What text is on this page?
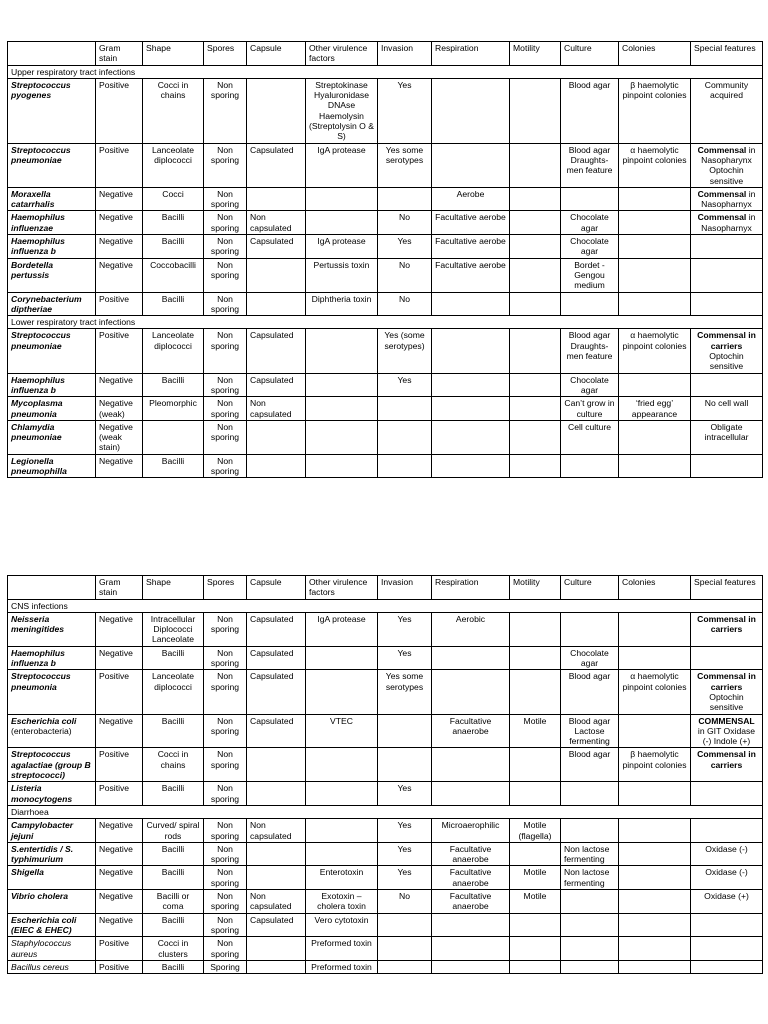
	Gram stain	Shape	Spores	Capsule	Other virulence factors	Invasion	Respiration	Motility	Culture	Colonies	Special features
Upper respiratory tract infections											
Streptococcus pyogenes	Positive	Cocci in chains	Non sporing		Streptokinase Hyaluronidase DNAse Haemolysin (Streptolysin O & S)	Yes			Blood agar	β haemolytic pinpoint colonies	Community acquired
Streptococcus pneumoniae	Positive	Lanceolate diplococci	Non sporing	Capsulated	IgA protease	Yes some serotypes			Blood agar Draughts-men feature	α haemolytic pinpoint colonies	Commensal in Nasopharynx Optochin sensitive
Moraxella catarrhalis	Negative	Cocci	Non sporing				Aerobe				Commensal in Nasopharnyx
Haemophilus influenzae	Negative	Bacilli	Non sporing	Non capsulated		No	Facultative aerobe		Chocolate agar		Commensal in Nasopharnyx
Haemophilus influenza b	Negative	Bacilli	Non sporing	Capsulated	IgA protease	Yes	Facultative aerobe		Chocolate agar		
Bordetella pertussis	Negative	Coccobacilli	Non sporing		Pertussis toxin	No	Facultative aerobe		Bordet - Gengou medium		
Corynebacterium diptheriae	Positive	Bacilli	Non sporing		Diphtheria toxin	No					
Lower respiratory tract infections											
Streptococcus pneumoniae	Positive	Lanceolate diplococci	Non sporing	Capsulated		Yes (some serotypes)			Blood agar Draughts-men feature	α haemolytic pinpoint colonies	Commensal in carriers Optochin sensitive
Haemophilus influenza b	Negative	Bacilli	Non sporing	Capsulated		Yes			Chocolate agar		
Mycoplasma pneumonia	Negative (weak)	Pleomorphic	Non sporing	Non capsulated					Can’t grow in culture	‘fried egg’ appearance	No cell wall
Chlamydia pneumoniae	Negative (weak stain)		Non sporing						Cell culture		Obligate intracellular
Legionella pneumophilla	Negative	Bacilli	Non sporing								
	Gram stain	Shape	Spores	Capsule	Other virulence factors	Invasion	Respiration	Motility	Culture	Colonies	Special features
CNS infections											
Neisseria meningitides	Negative	Intracellular Diplococci Lanceolate	Non sporing	Capsulated	IgA protease	Yes	Aerobic				Commensal in carriers
Haemophilus influenza b	Negative	Bacilli	Non sporing	Capsulated		Yes			Chocolate agar		
Streptococcus pneumonia	Positive	Lanceolate diplococci	Non sporing	Capsulated		Yes some serotypes			Blood agar	α haemolytic pinpoint colonies	Commensal in carriers Optochin sensitive
Escherichia coli (enterobacteria)	Negative	Bacilli	Non sporing	Capsulated	VTEC		Facultative anaerobe	Motile	Blood agar Lactose fermenting		COMMENSAL in GIT Oxidase (-) Indole (+)
Streptococcus agalactiae (group B streptococci)	Positive	Cocci in chains	Non sporing						Blood agar	β haemolytic pinpoint colonies	Commensal in carriers
Listeria monocytogens	Positive	Bacilli	Non sporing			Yes					
Diarrhoea											
Campylobacter jejuni	Negative	Curved/ spiral rods	Non sporing	Non capsulated		Yes	Microaerophilic	Motile (flagella)			
S.entertidis / S. typhimurium	Negative	Bacilli	Non sporing			Yes	Facultative anaerobe		Non lactose fermenting		Oxidase (-)
Shigella	Negative	Bacilli	Non sporing		Enterotoxin	Yes	Facultative anaerobe	Motile	Non lactose fermenting		Oxidase (-)
Vibrio cholera	Negative	Bacilli or coma	Non sporing	Non capsulated	Exotoxin – cholera toxin	No	Facultative anaerobe	Motile			Oxidase (+)
Escherichia coli (EIEC & EHEC)	Negative	Bacilli	Non sporing	Capsulated	Vero cytotoxin						
Staphylococcus aureus	Positive	Cocci in clusters	Non sporing		Preformed toxin						
Bacillus cereus	Positive	Bacilli	Sporing		Preformed toxin						
